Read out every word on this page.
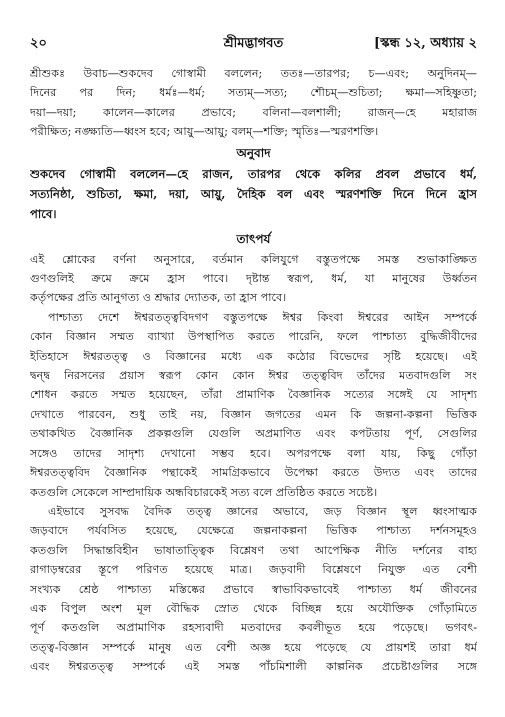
২০	শ্রীমদ্ভাগবত	[স্কন্ধ ১২, অধ্যায় ২
শ্রীশুকঃ উবাচ—শুকদেব গোস্বামী বললেন; ততঃ—তারপর; চ—এবং; অনুদিনম্—
দিনের পর দিন; ধর্মঃ—ধর্ম; সত্যম্—সত্য; শৌচম্—শুচিতা; ক্ষমা—সহিষ্ণুতা;
দয়া—দয়া; কালেন—কালের প্রভাবে; বলিনা—বলশালী; রাজন্—হে মহারাজ
পরীক্ষিত; নঙ্ক্ষ্যতি—ধ্বংস হবে; আয়ু—আয়ু; বলম্—শক্তি; স্মৃতিঃ—স্মরণশক্তি।
অনুবাদ
শুকদেব গোস্বামী বললেন—হে রাজন, তারপর থেকে কলির প্রবল প্রভাবে ধর্ম,
সত্যনিষ্ঠা, শুচিতা, ক্ষমা, দয়া, আয়ু, দৈহিক বল এবং স্মরণশক্তি দিনে দিনে হ্রাস
পাবে।
তাৎপর্য
এই শ্লোকের বর্ণনা অনুসারে, বর্তমান কলিযুগে বস্তুতপক্ষে সমস্ত শুভাকাঙ্ক্ষিত
গুণগুলিই ক্রমে ক্রমে হ্রাস পাবে। দৃষ্টান্ত স্বরূপ, ধর্ম, যা মানুষের উর্ধ্বতন
কর্তৃপক্ষের প্রতি আনুগত্য ও শ্রদ্ধার দ্যোতক, তা হ্রাস পাবে।
পাশ্চাত্য দেশে ঈশ্বরতত্ত্ববিদগণ বস্তুতপক্ষে ঈশ্বর কিংবা ঈশ্বরের আইন সম্পর্কে
কোন বিজ্ঞান সম্মত ব্যাখ্যা উপস্থাপিত করতে পারেনি, ফলে পাশ্চাত্য বুদ্ধিজীবীদের
ইতিহাসে ঈশ্বরতত্ত্ব ও বিজ্ঞানের মধ্যে এক কঠোর বিভেদের সৃষ্টি হয়েছে। এই
দ্বন্দ্ব নিরসনের প্রয়াস স্বরূপ কোন কোন ঈশ্বর তত্ত্ববিদ তাঁদের মতবাদগুলি সং
শোধন করতে সম্মত হয়েছেন, তাঁরা প্রামাণিক বৈজ্ঞানিক সত্যের সঙ্গেই যে সাদৃশ্য
দেখাতে পারবেন, শুধু তাই নয়, বিজ্ঞান জগতের এমন কি জল্পনা-কল্পনা ভিত্তিক
তথাকথিত বৈজ্ঞানিক প্রকল্পগুলি যেগুলি অপ্রমাণিত এবং কপটতায় পূর্ণ, সেগুলির
সঙ্গেও তাদের সাদৃশ্য দেখানো সম্ভব হবে। অপরপক্ষে বলা যায়, কিছু গোঁড়া
ঈশ্বরতত্ত্ববিদ বৈজ্ঞানিক পন্থাকেই সামগ্রিকভাবে উপেক্ষা করতে উদ্যত এবং তাদের
কতগুলি সেকেলে সাম্প্রদায়িক অন্ধবিচারকেই সত্য বলে প্রতিষ্ঠিত করতে সচেষ্ট।
এইভাবে সুসবদ্ধ বৈদিক তত্ত্ব জ্ঞানের অভাবে, জড় বিজ্ঞান স্থূল ধ্বংসাত্মক
জড়বাদে পর্যবসিত হয়েছে, যেক্ষেত্রে জল্পনাকল্পনা ভিত্তিক পাশ্চাত্য দর্শনসমূহও
কতগুলি সিদ্ধান্তবিহীন ভাষাতাত্ত্বিক বিশ্লেষণ তথা আপেক্ষিক নীতি দর্শনের বাহ্য
রাগাড়ম্বরের স্তূপে পরিণত হয়েছে মাত্র। জড়বাদী বিশ্লেষণে নিযুক্ত এত বেশী
সংখ্যক শ্রেষ্ঠ পাশ্চাত্য মস্তিষ্কের প্রভাবে স্বাভাবিকভাবেই পাশ্চাত্য ধর্ম জীবনের
এক বিপুল অংশ মূল বৌদ্ধিক স্রোত থেকে বিচ্ছিন্ন হয়ে অযৌক্তিক গোঁড়ামিতে
পূর্ণ কতগুলি অপ্রামাণিক রহস্যবাদী মতবাদের কবলীভূত হয়ে পড়েছে। ভগবৎ-
তত্ত্ব-বিজ্ঞান সম্পর্কে মানুষ এত বেশী অজ্ঞ হয়ে পড়েছে যে প্রায়শই তারা ধর্ম
এবং ঈশ্বরতত্ত্ব সম্পর্কে এই সমস্ত পাঁচমিশালী কাল্পনিক প্রচেষ্টাগুলির সঙ্গে
